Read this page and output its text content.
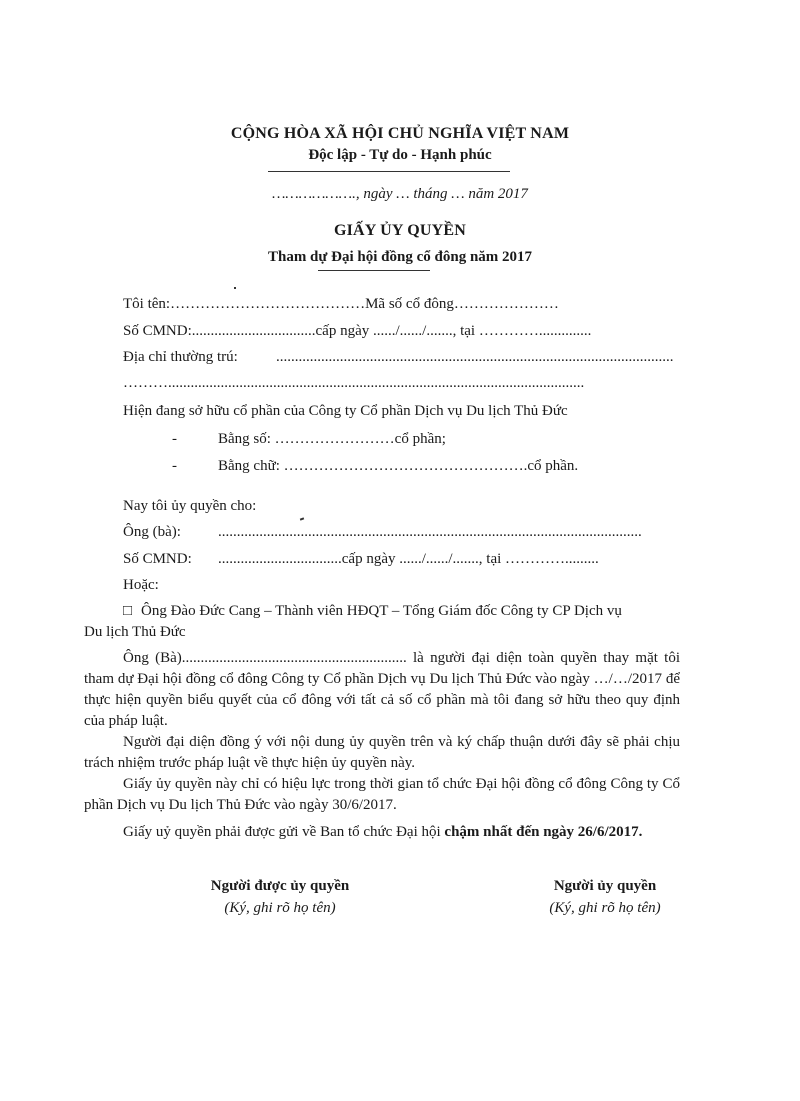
CỘNG HÒA XÃ HỘI CHỦ NGHĨA VIỆT NAM
Độc lập - Tự do - Hạnh phúc
………………., ngày … tháng … năm 2017
GIẤY ỦY QUYỀN
Tham dự Đại hội đồng cổ đông năm 2017
Tôi tên:…………………………………Mã số cổ đông…………………
Số CMND:.................................cấp ngày ....../....../......., tại …………..............
Địa chỉ thường trú:	..........................................................................................................
………...............................................................................................................
Hiện đang sở hữu cổ phần của Công ty Cổ phần Dịch vụ Du lịch Thủ Đức
-	Bằng số: ……………………cổ phần;
-	Bằng chữ: ………………………………………….cổ phần.
Nay tôi ủy quyền cho:
Ông (bà): .................................................................................................................
Số CMND: .................................cấp ngày ....../....../......., tại ………….........
Hoặc:
□ Ông Đào Đức Cang – Thành viên HĐQT – Tổng Giám đốc Công ty CP Dịch vụ
Du lịch Thủ Đức
Ông (Bà)............................................................ là người đại diện toàn quyền thay mặt tôi tham dự Đại hội đồng cổ đông Công ty Cổ phần Dịch vụ Du lịch Thủ Đức vào ngày …/…/2017 để thực hiện quyền biểu quyết của cổ đông với tất cả số cổ phần mà tôi đang sở hữu theo quy định của pháp luật.
Người đại diện đồng ý với nội dung ủy quyền trên và ký chấp thuận dưới đây sẽ phải chịu trách nhiệm trước pháp luật về thực hiện ủy quyền này.
Giấy ủy quyền này chỉ có hiệu lực trong thời gian tổ chức Đại hội đồng cổ đông Công ty Cổ phần Dịch vụ Du lịch Thủ Đức vào ngày 30/6/2017.
Giấy uỷ quyền phải được gửi về Ban tổ chức Đại hội chậm nhất đến ngày 26/6/2017.
Người được ủy quyền
(Ký, ghi rõ họ tên)
Người ủy quyền
(Ký, ghi rõ họ tên)
